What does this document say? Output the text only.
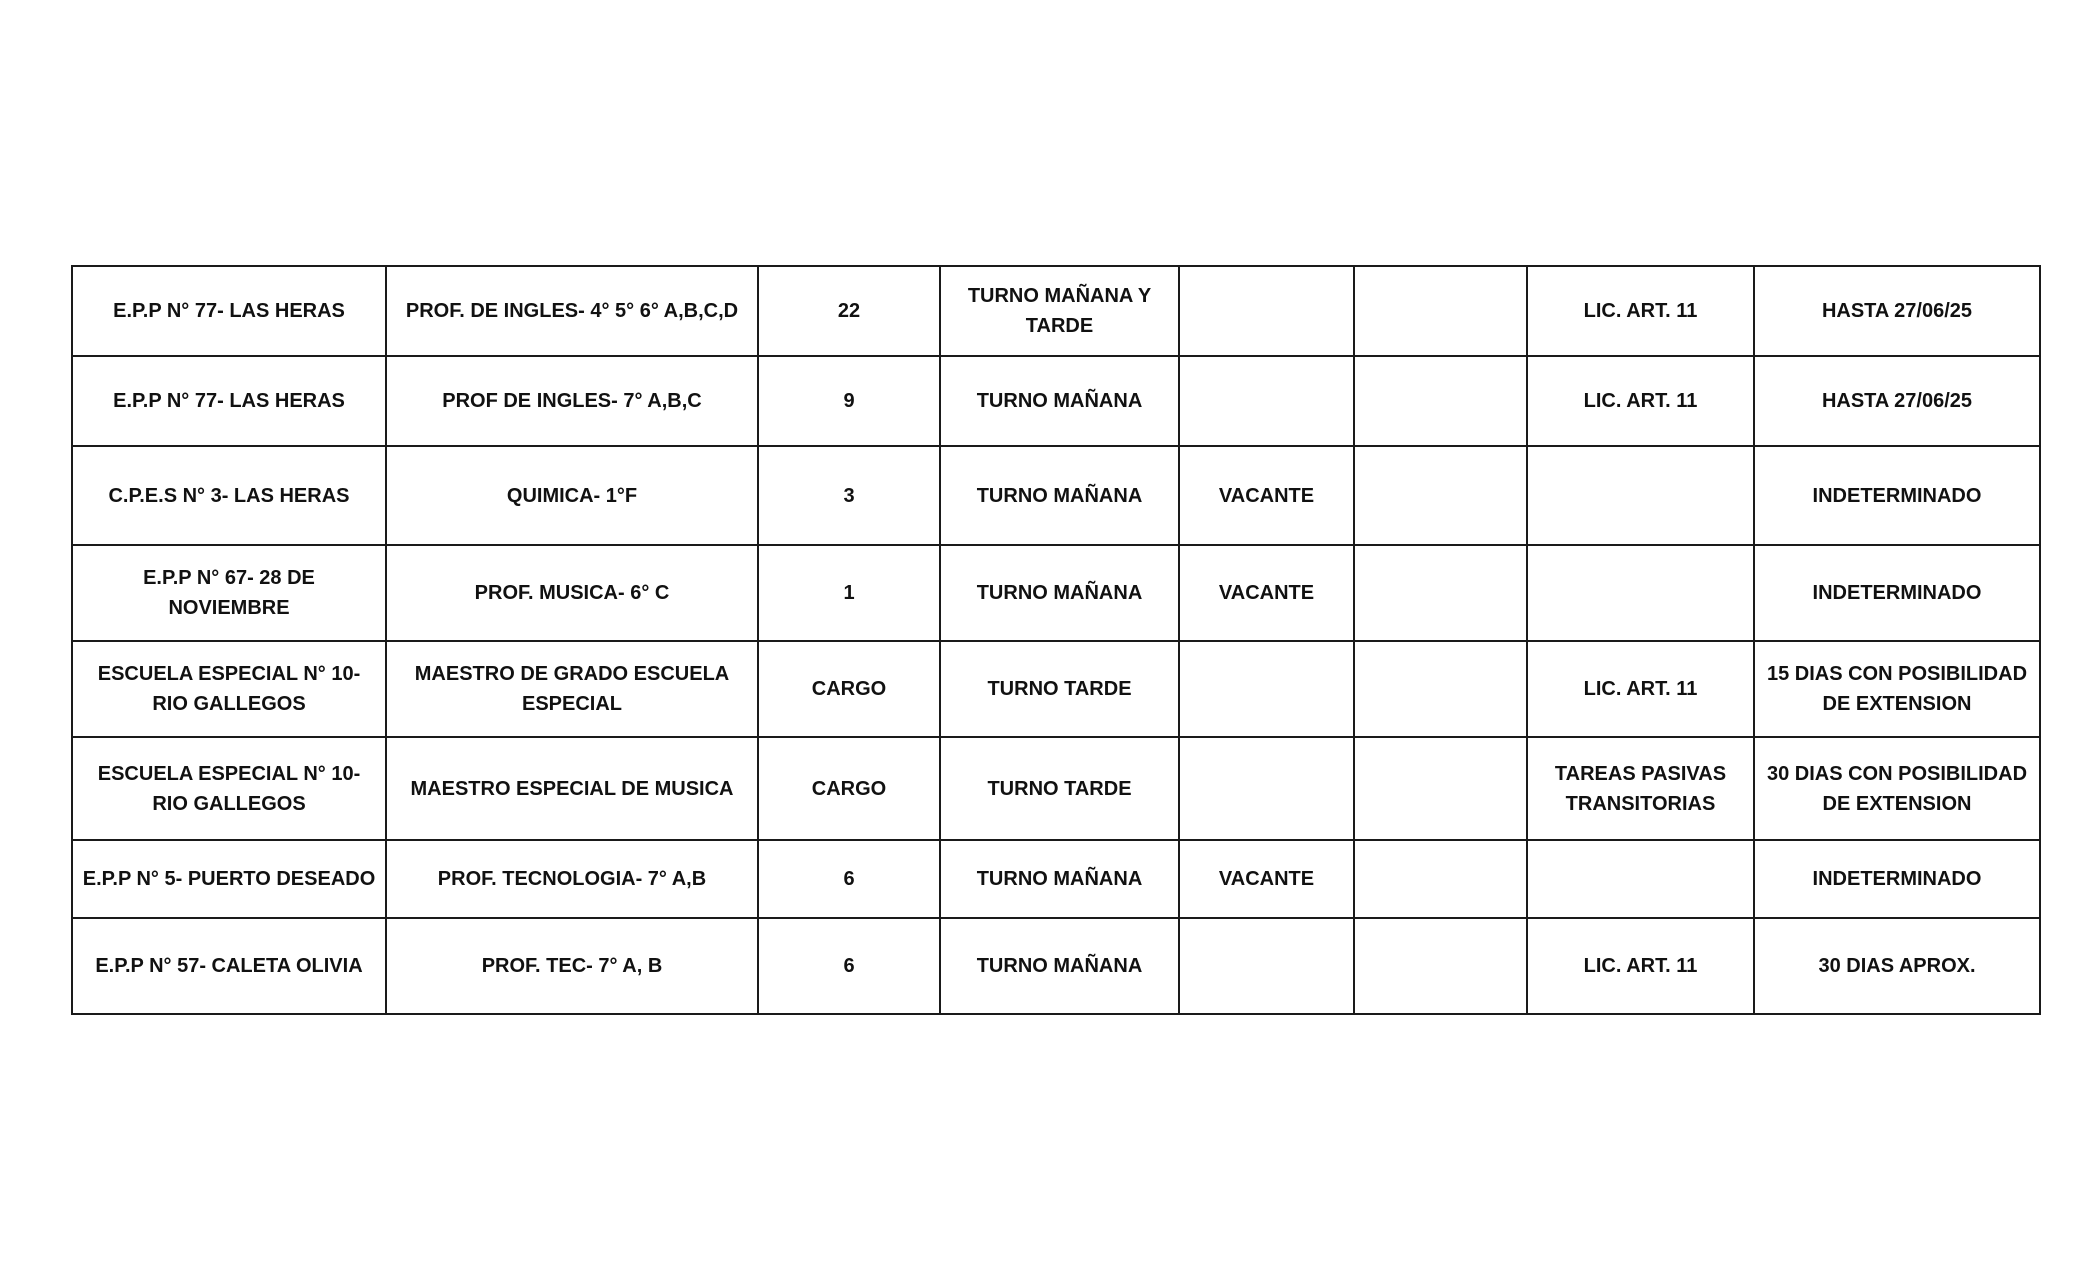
E.P.P N° 77- LAS HERAS	PROF. DE INGLES- 4° 5° 6° A,B,C,D	22	TURNO MAÑANA Y TARDE			LIC. ART. 11	HASTA 27/06/25
E.P.P N° 77- LAS HERAS	PROF DE INGLES- 7° A,B,C	9	TURNO MAÑANA			LIC. ART. 11	HASTA 27/06/25
C.P.E.S N° 3- LAS HERAS	QUIMICA- 1°F	3	TURNO MAÑANA	VACANTE			INDETERMINADO
E.P.P N° 67- 28 DE NOVIEMBRE	PROF. MUSICA- 6° C	1	TURNO MAÑANA	VACANTE			INDETERMINADO
ESCUELA ESPECIAL N° 10- RIO GALLEGOS	MAESTRO DE GRADO ESCUELA ESPECIAL	CARGO	TURNO TARDE			LIC. ART. 11	15 DIAS CON POSIBILIDAD DE EXTENSION
ESCUELA ESPECIAL N° 10- RIO GALLEGOS	MAESTRO ESPECIAL DE MUSICA	CARGO	TURNO TARDE			TAREAS PASIVAS TRANSITORIAS	30 DIAS CON POSIBILIDAD DE EXTENSION
E.P.P N° 5- PUERTO DESEADO	PROF. TECNOLOGIA- 7° A,B	6	TURNO MAÑANA	VACANTE			INDETERMINADO
E.P.P N° 57- CALETA OLIVIA	PROF. TEC- 7° A, B	6	TURNO MAÑANA			LIC. ART. 11	30 DIAS APROX.
